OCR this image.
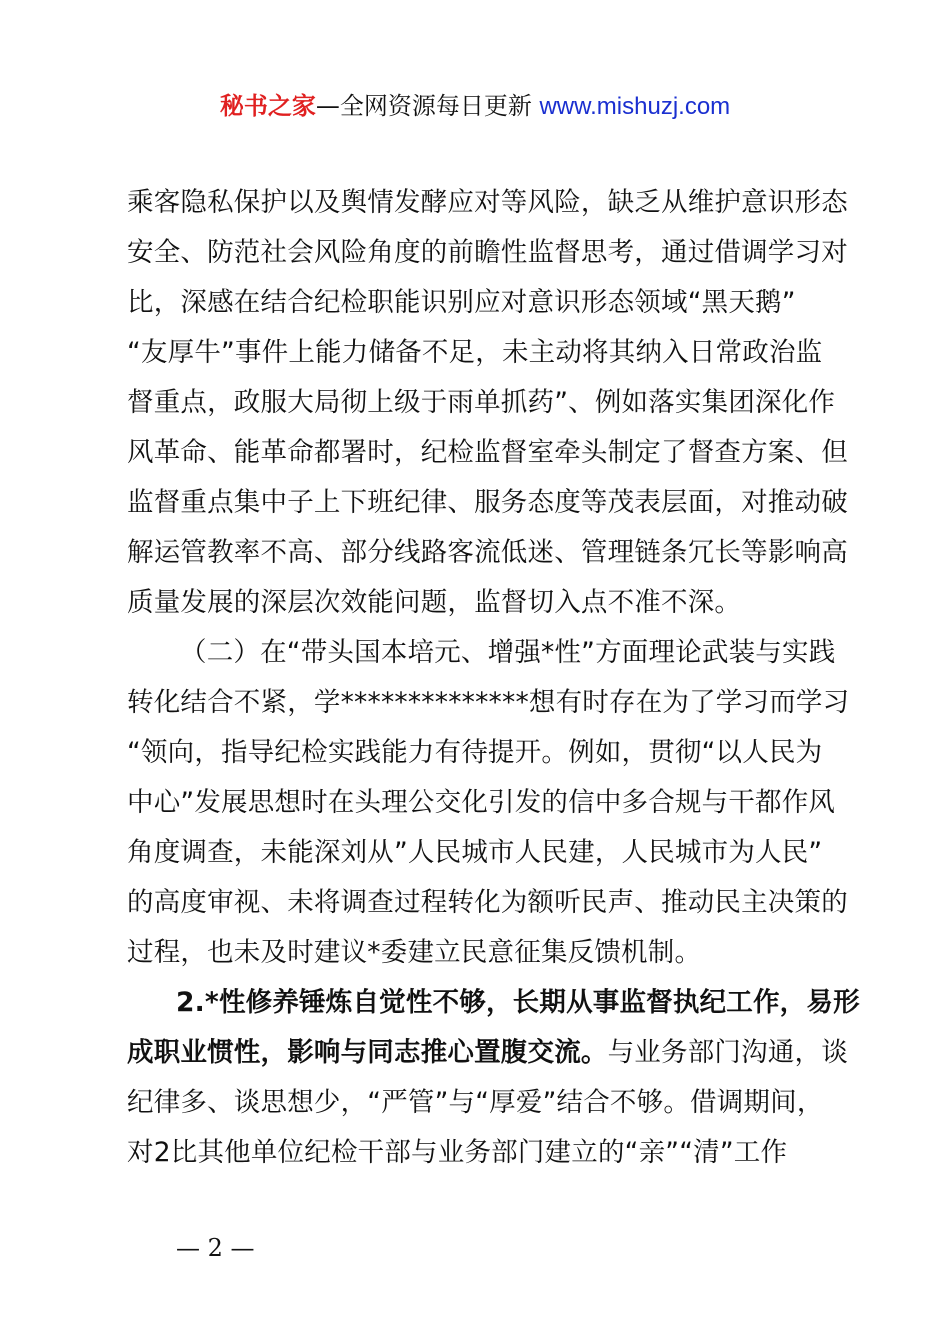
秘书之家—全网资源每日更新 www.mishuzj.com
乘客隐私保护以及舆情发酵应对等风险，缺乏从维护意识形态
安全、防范社会风险角度的前瞻性监督思考，通过借调学习对
比，深感在结合纪检职能识别应对意识形态领域“黑天鹅”
“友厚牛”事件上能力储备不足，未主动将其纳入日常政治监
督重点，政服大局彻上级于雨单抓药”、例如落实集团深化作
风革命、能革命都署时，纪检监督室牵头制定了督查方案、但
监督重点集中子上下班纪律、服务态度等茂表层面，对推动破
解运管教率不高、部分线路客流低迷、管理链条冗长等影响高
质量发展的深层次效能问题，监督切入点不准不深。
（二）在“带头国本培元、增强*性”方面理论武装与实践
转化结合不紧，学**************想有时存在为了学习而学习
“领向，指导纪检实践能力有待提开。例如，贯彻“以人民为
中心”发展思想时在头理公交化引发的信中多合规与干都作风
角度调查，未能深刘从”人民城市人民建，人民城市为人民”
的高度审视、未将调查过程转化为额听民声、推动民主决策的
过程，也未及时建议*委建立民意征集反馈机制。
2.*性修养锤炼自觉性不够，长期从事监督执纪工作，易形
成职业惯性，影响与同志推心置腹交流。与业务部门沟通，谈
纪律多、谈思想少，“严管”与“厚爱”结合不够。借调期间，
对2比其他单位纪检干部与业务部门建立的“亲”“清”工作
— 2 —
